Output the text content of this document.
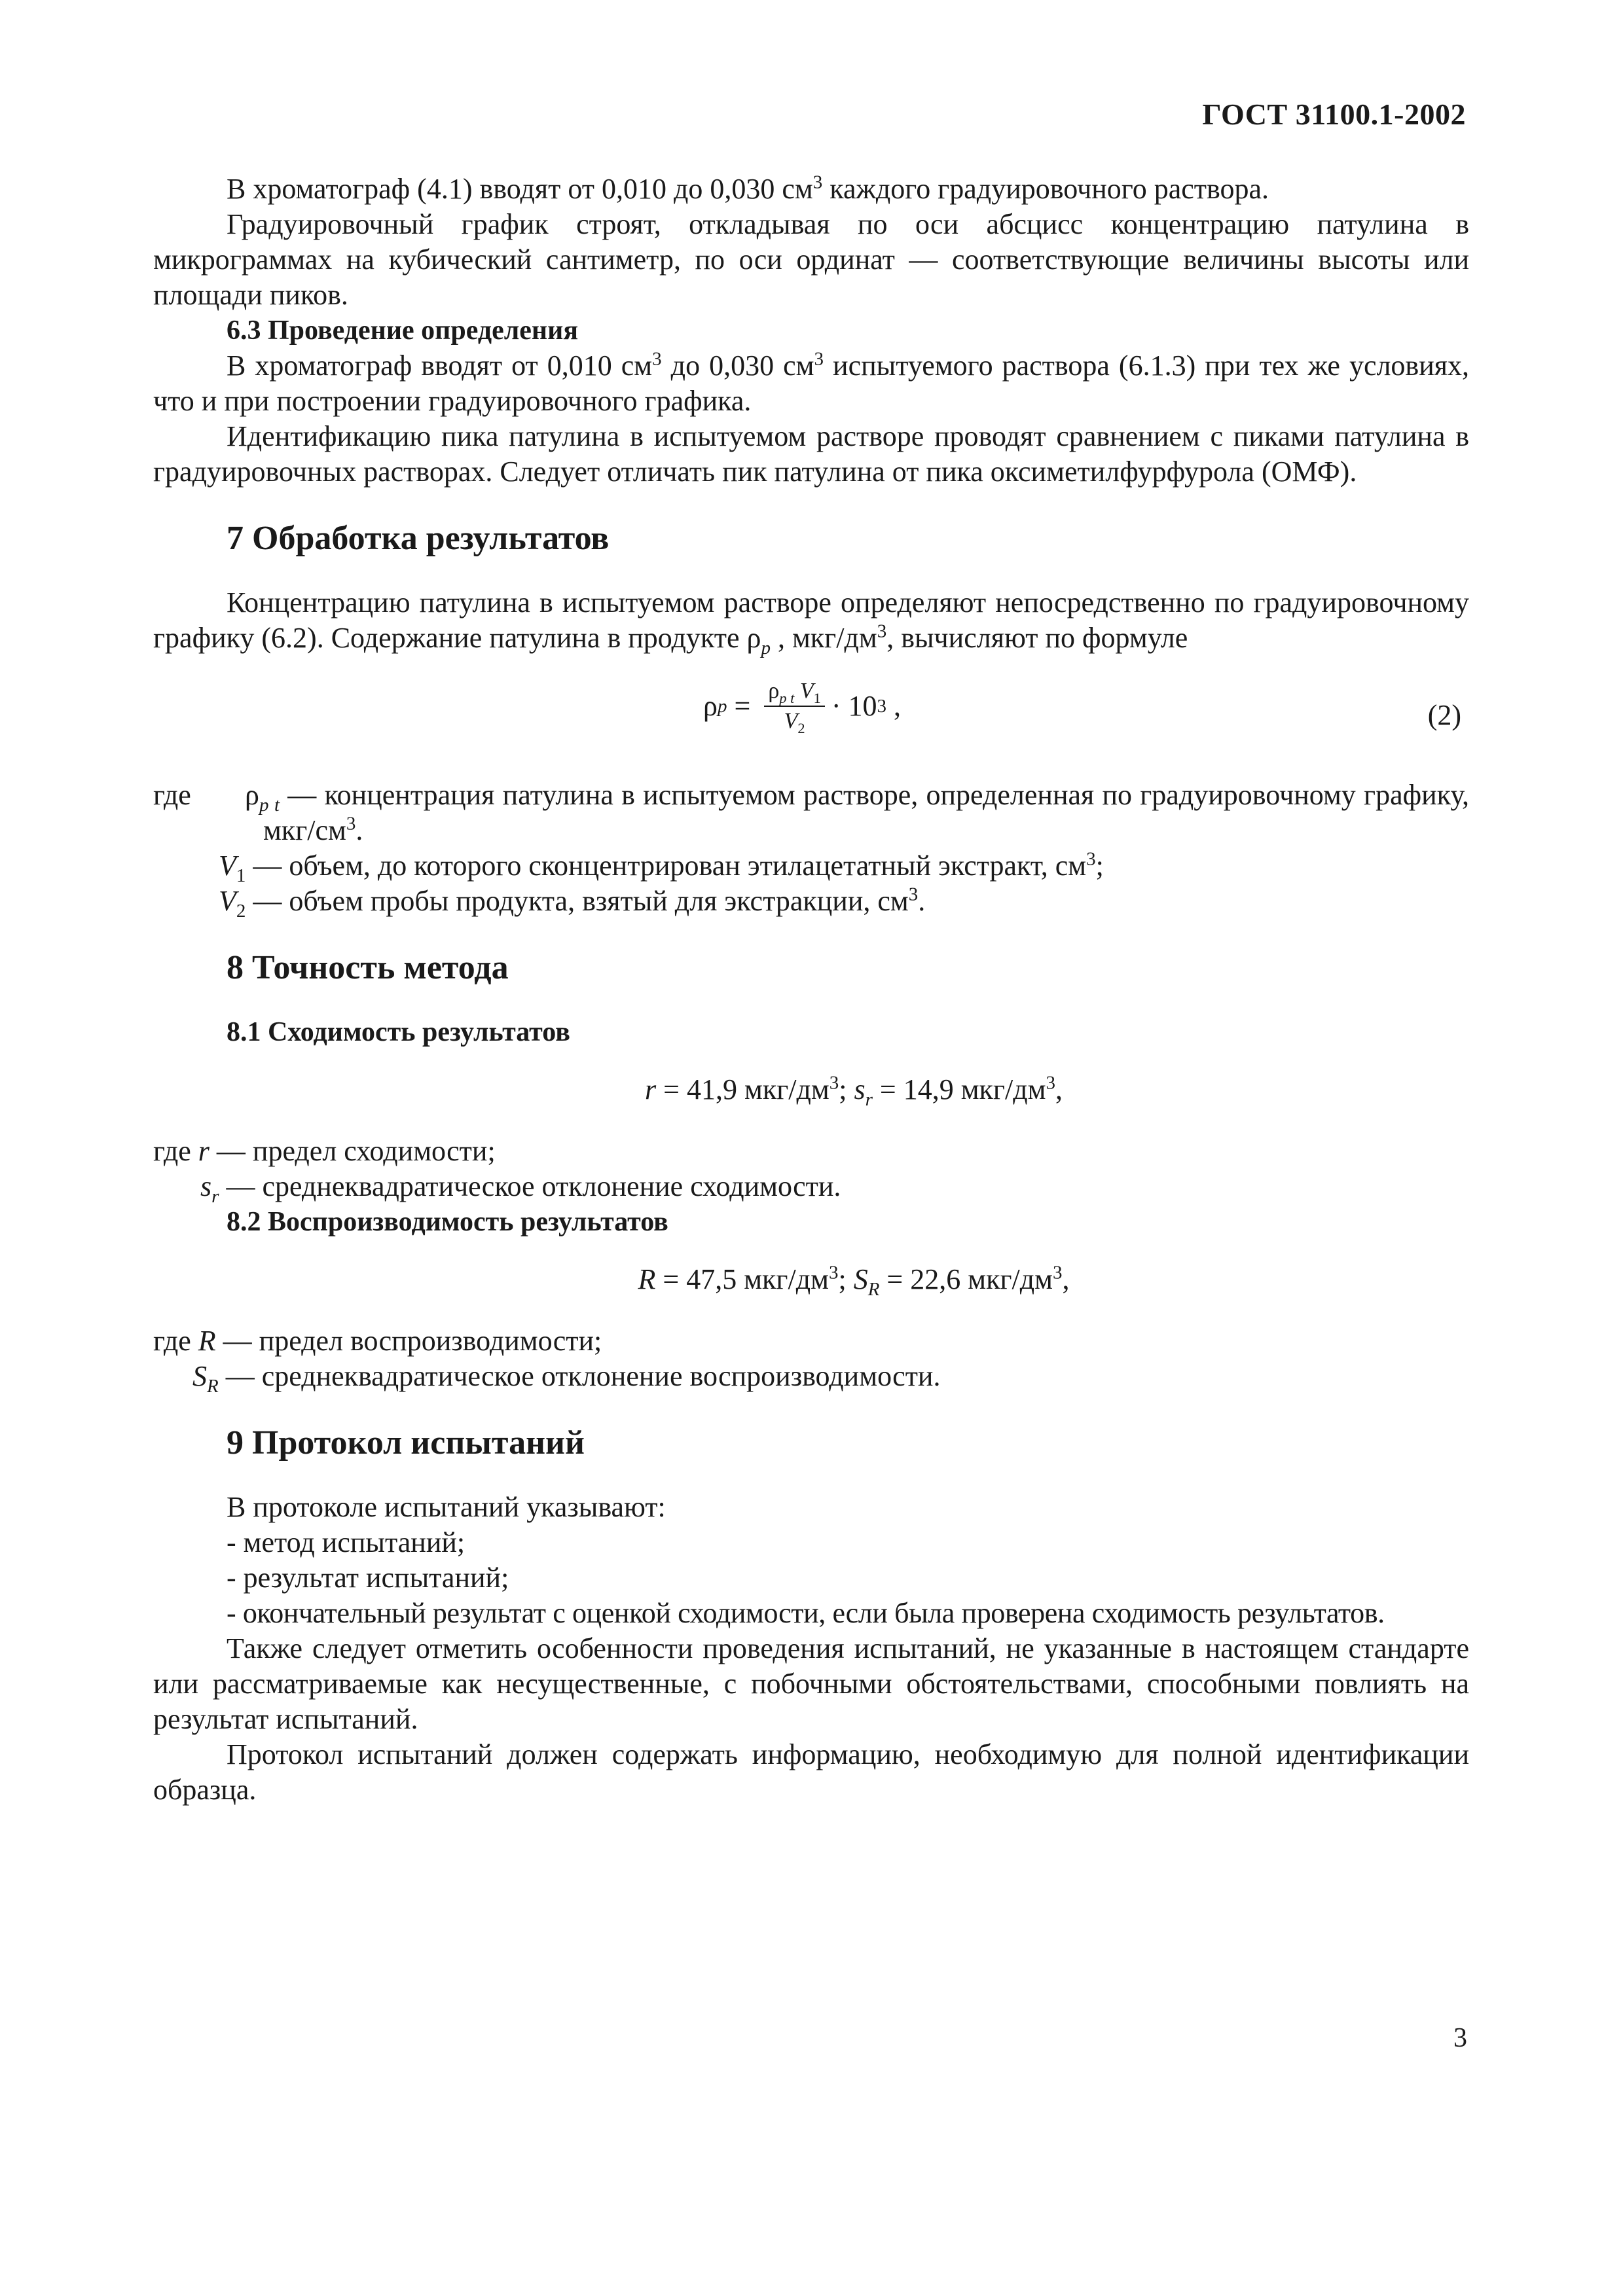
ГОСТ 31100.1-2002

В хроматограф (4.1) вводят от 0,010 до 0,030 $см^3$ каждого градуировочного раствора.

Градуировочный график строят, откладывая по оси абсцисс концентрацию патулина в микрограммах на кубический сантиметр, по оси ординат — соответствующие величины высоты или площади пиков.

6.3 Проведение определения

В хроматограф вводят от 0,010 $см^3$ до 0,030 $см^3$ испытуемого раствора (6.1.3) при тех же условиях, что и при построении градуировочного графика.

Идентификацию пика патулина в испытуемом растворе проводят сравнением с пиками патулина в градуировочных растворах. Следует отличать пик патулина от пика оксиметилфурфурола (ОМФ).

7 Обработка результатов

Концентрацию патулина в испытуемом растворе определяют непосредственно по градуировочному графику (6.2). Содержание патулина в продукте $\rho_p$ , мкг/$дм^3$, вычисляют по формуле

ρ $p = \frac{\rho_{p t} V_1}{V_2} \cdot 10$ 3 ,	(2)

где $\rho_{p t}$ — концентрация патулина в испытуемом растворе, определенная по градуировочному графику, мкг/$см^3$.

$V_1$ — объем, до которого сконцентрирован этилацетатный экстракт, $см^3$;

$V_2$ — объем пробы продукта, взятый для экстракции, $см^3$.

8 Точность метода

8.1 Сходимость результатов

r = 41,9 мкг/$дм^3$; $s_r = 14,9$ мкг/$дм^3$,

где r — предел сходимости;

$s_r$ — среднеквадратическое отклонение сходимости.

8.2 Воспроизводимость результатов

R = 47,5 мкг/$дм^3$; $S_R = 22,6$ мкг/$дм^3$,

где R — предел воспроизводимости;

$S_R$ — среднеквадратическое отклонение воспроизводимости.

9 Протокол испытаний

В протоколе испытаний указывают:

- метод испытаний;

- результат испытаний;

- окончательный результат с оценкой сходимости, если была проверена сходимость результатов.

Также следует отметить особенности проведения испытаний, не указанные в настоящем стандарте или рассматриваемые как несущественные, с побочными обстоятельствами, способными повлиять на результат испытаний.

Протокол испытаний должен содержать информацию, необходимую для полной идентификации образца.

3
